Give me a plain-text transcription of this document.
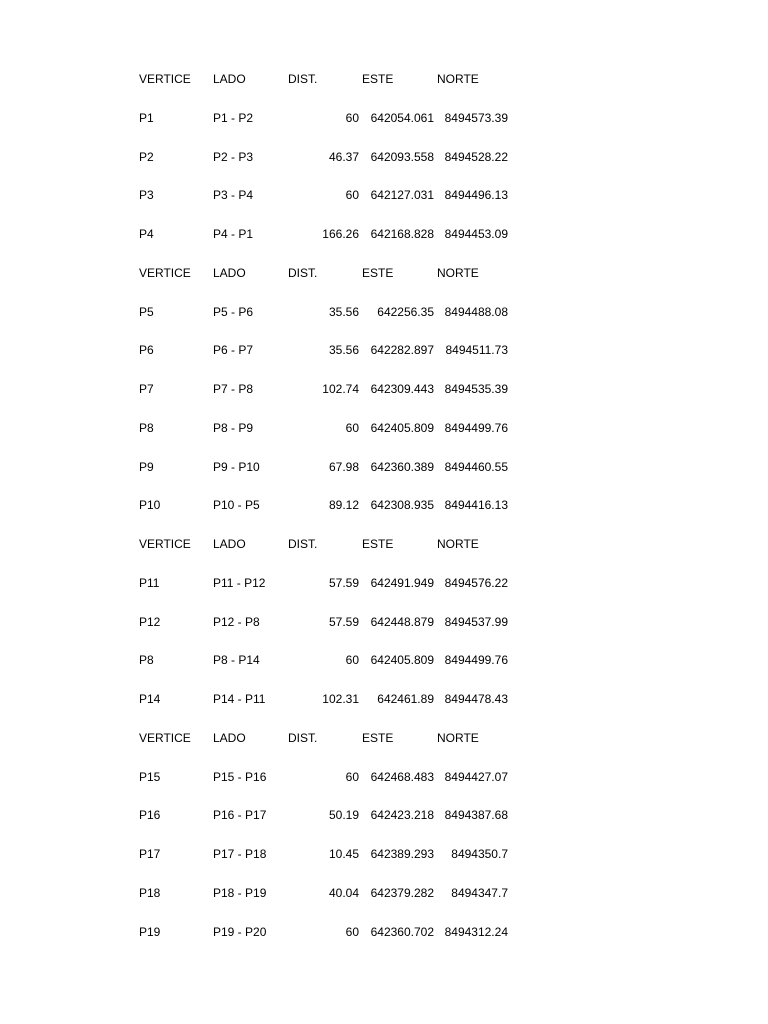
VERTICE LADO	DIST.	ESTE	NORTE
P1	P1 - P2	60 642054.061 8494573.39
P2	P2 - P3	46.37 642093.558 8494528.22
P3	P3 - P4	60 642127.031 8494496.13
P4	P4 - P1	166.26 642168.828 8494453.09
VERTICE LADO	DIST.	ESTE	NORTE
P5	P5 - P6	35.56 642256.35 8494488.08
P6	P6 - P7	35.56 642282.897 8494511.73
P7	P7 - P8	102.74 642309.443 8494535.39
P8	P8 - P9	60 642405.809 8494499.76
P9	P9 - P10	67.98 642360.389 8494460.55
P10	P10 - P5	89.12 642308.935 8494416.13
VERTICE LADO	DIST.	ESTE	NORTE
P11	P11 - P12	57.59 642491.949 8494576.22
P12	P12 - P8	57.59 642448.879 8494537.99
P8	P8 - P14	60 642405.809 8494499.76
P14	P14 - P11	102.31 642461.89 8494478.43
VERTICE LADO	DIST.	ESTE	NORTE
P15	P15 - P16	60 642468.483 8494427.07
P16	P16 - P17	50.19 642423.218 8494387.68
P17	P17 - P18	10.45 642389.293 8494350.7
P18	P18 - P19	40.04 642379.282 8494347.7
P19	P19 - P20	60 642360.702 8494312.24
